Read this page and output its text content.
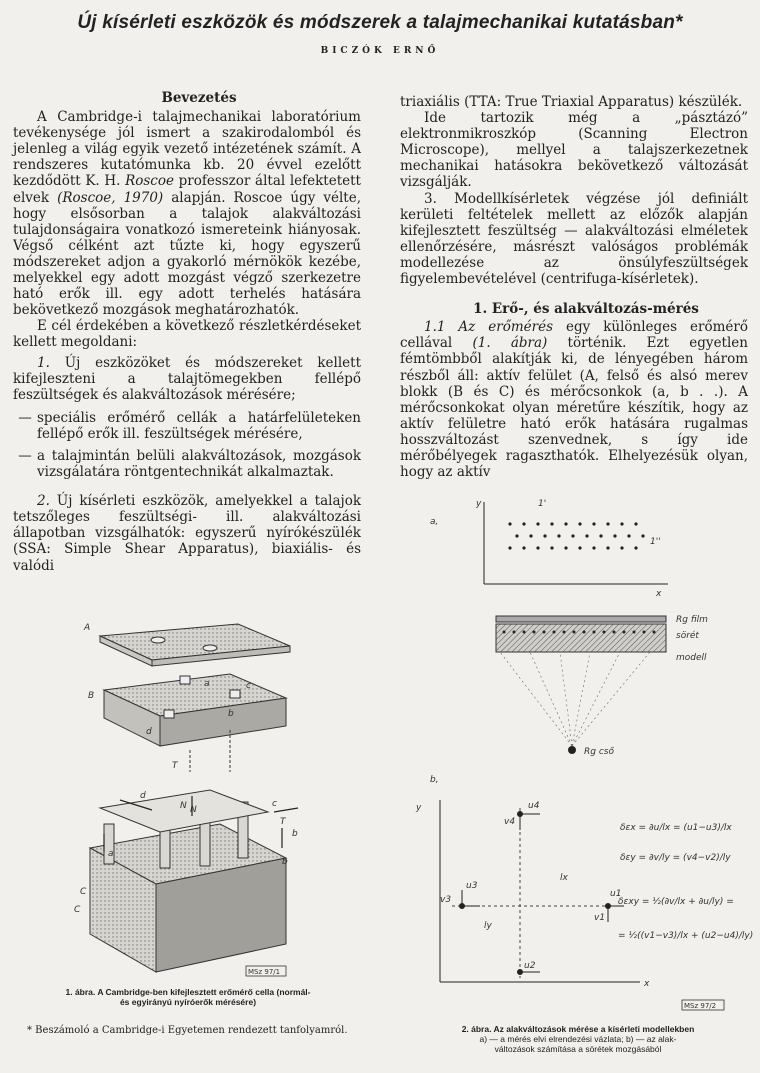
Új kísérleti eszközök és módszerek a talajmechanikai kutatásban*
BICZÓK ERNŐ

Bevezetés

A Cambridge-i talajmechanikai laboratórium tevékenysége jól ismert a szakirodalomból és jelenleg a világ egyik vezető intézetének számít. A rendszeres kutatómunka kb. 20 évvel ezelőtt kezdődött K. H. Roscoe professzor által lefektetett elvek (Roscoe, 1970) alapján. Roscoe úgy vélte, hogy elsősorban a talajok alakváltozási tulajdonságaira vonatkozó ismereteink hiányosak. Végső célként azt tűzte ki, hogy egyszerű módszereket adjon a gyakorló mérnökök kezébe, melyekkel egy adott mozgást végző szerkezetre ható erők ill. egy adott terhelés hatására bekövetkező mozgások meghatározhatók.

E cél érdekében a következő részletkérdéseket kellett megoldani:

1. Új eszközöket és módszereket kellett kifejleszteni a talajtömegekben fellépő feszültségek és alakváltozások mérésére;

— speciális erőmérő cellák a határfelületeken fellépő erők ill. feszültségek mérésére,
— a talajmintán belüli alakváltozások, mozgások vizsgálatára röntgentechnikát alkalmaztak.

2. Új kísérleti eszközök, amelyekkel a talajok tetszőleges feszültségi- ill. alakváltozási állapotban vizsgálhatók: egyszerű nyírókészülék (SSA: Simple Shear Apparatus), biaxiális- és valódi

triaxiális (TTA: True Triaxial Apparatus) készülék.

Ide tartozik még a „pásztázó” elektronmikroszkóp (Scanning Electron Microscope), mellyel a talajszerkezetnek mechanikai hatásokra bekövetkező változását vizsgálják.

3. Modellkísérletek végzése jól definiált kerületi feltételek mellett az előzők alapján kifejlesztett feszültség — alakváltozási elméletek ellenőrzésére, másrészt valóságos problémák modellezése az önsúlyfeszültségek figyelembevételével (centrifuga-kísérletek).

1. Erő-, és alakváltozás-mérés

1.1 Az erőmérés egy különleges erőmérő cellával (1. ábra) történik. Ezt egyetlen fémtömbből alakítják ki, de lényegében három részből áll: aktív felület (A, felső és alsó merev blokk (B és C) és mérőcsonkok (a, b . .). A mérőcsonkokat olyan méretűre készítik, hogy az aktív felületre ható erők hatására rugalmas hosszváltozást szenvednek, s így ide mérőbélyegek ragaszthatók. Elhelyezésük olyan, hogy az aktív

MSz 97/1
A
B
C
a
b
c
d
N
T
a
b
c
d
N
T
b
C
1. ábra. A Cambridge-ben kifejlesztett erőmérő cella (normál-
és egyirányú nyíróerők mérésére)
* Beszámoló a Cambridge-i Egyetemen rendezett tanfolyamról.
a,
y
x
1'
1''
Rg film
sörét
modell
Rg cső
b,
y
x
u4
v4
u3
v3
u2
v1
u1
lx
ly
δεx = ∂u/lx = (u1−u3)/lx
δεy = ∂v/ly = (v4−v2)/ly
δεxy = ½(∂v/lx + ∂u/ly) =
= ½((v1−v3)/lx + (u2−u4)/ly)
MSz 97/2
2. ábra. Az alakváltozások mérése a kísérleti modellekben
a) — a mérés elvi elrendezési vázlata; b) — az alak-
változások számítása a sörétek mozgásából
